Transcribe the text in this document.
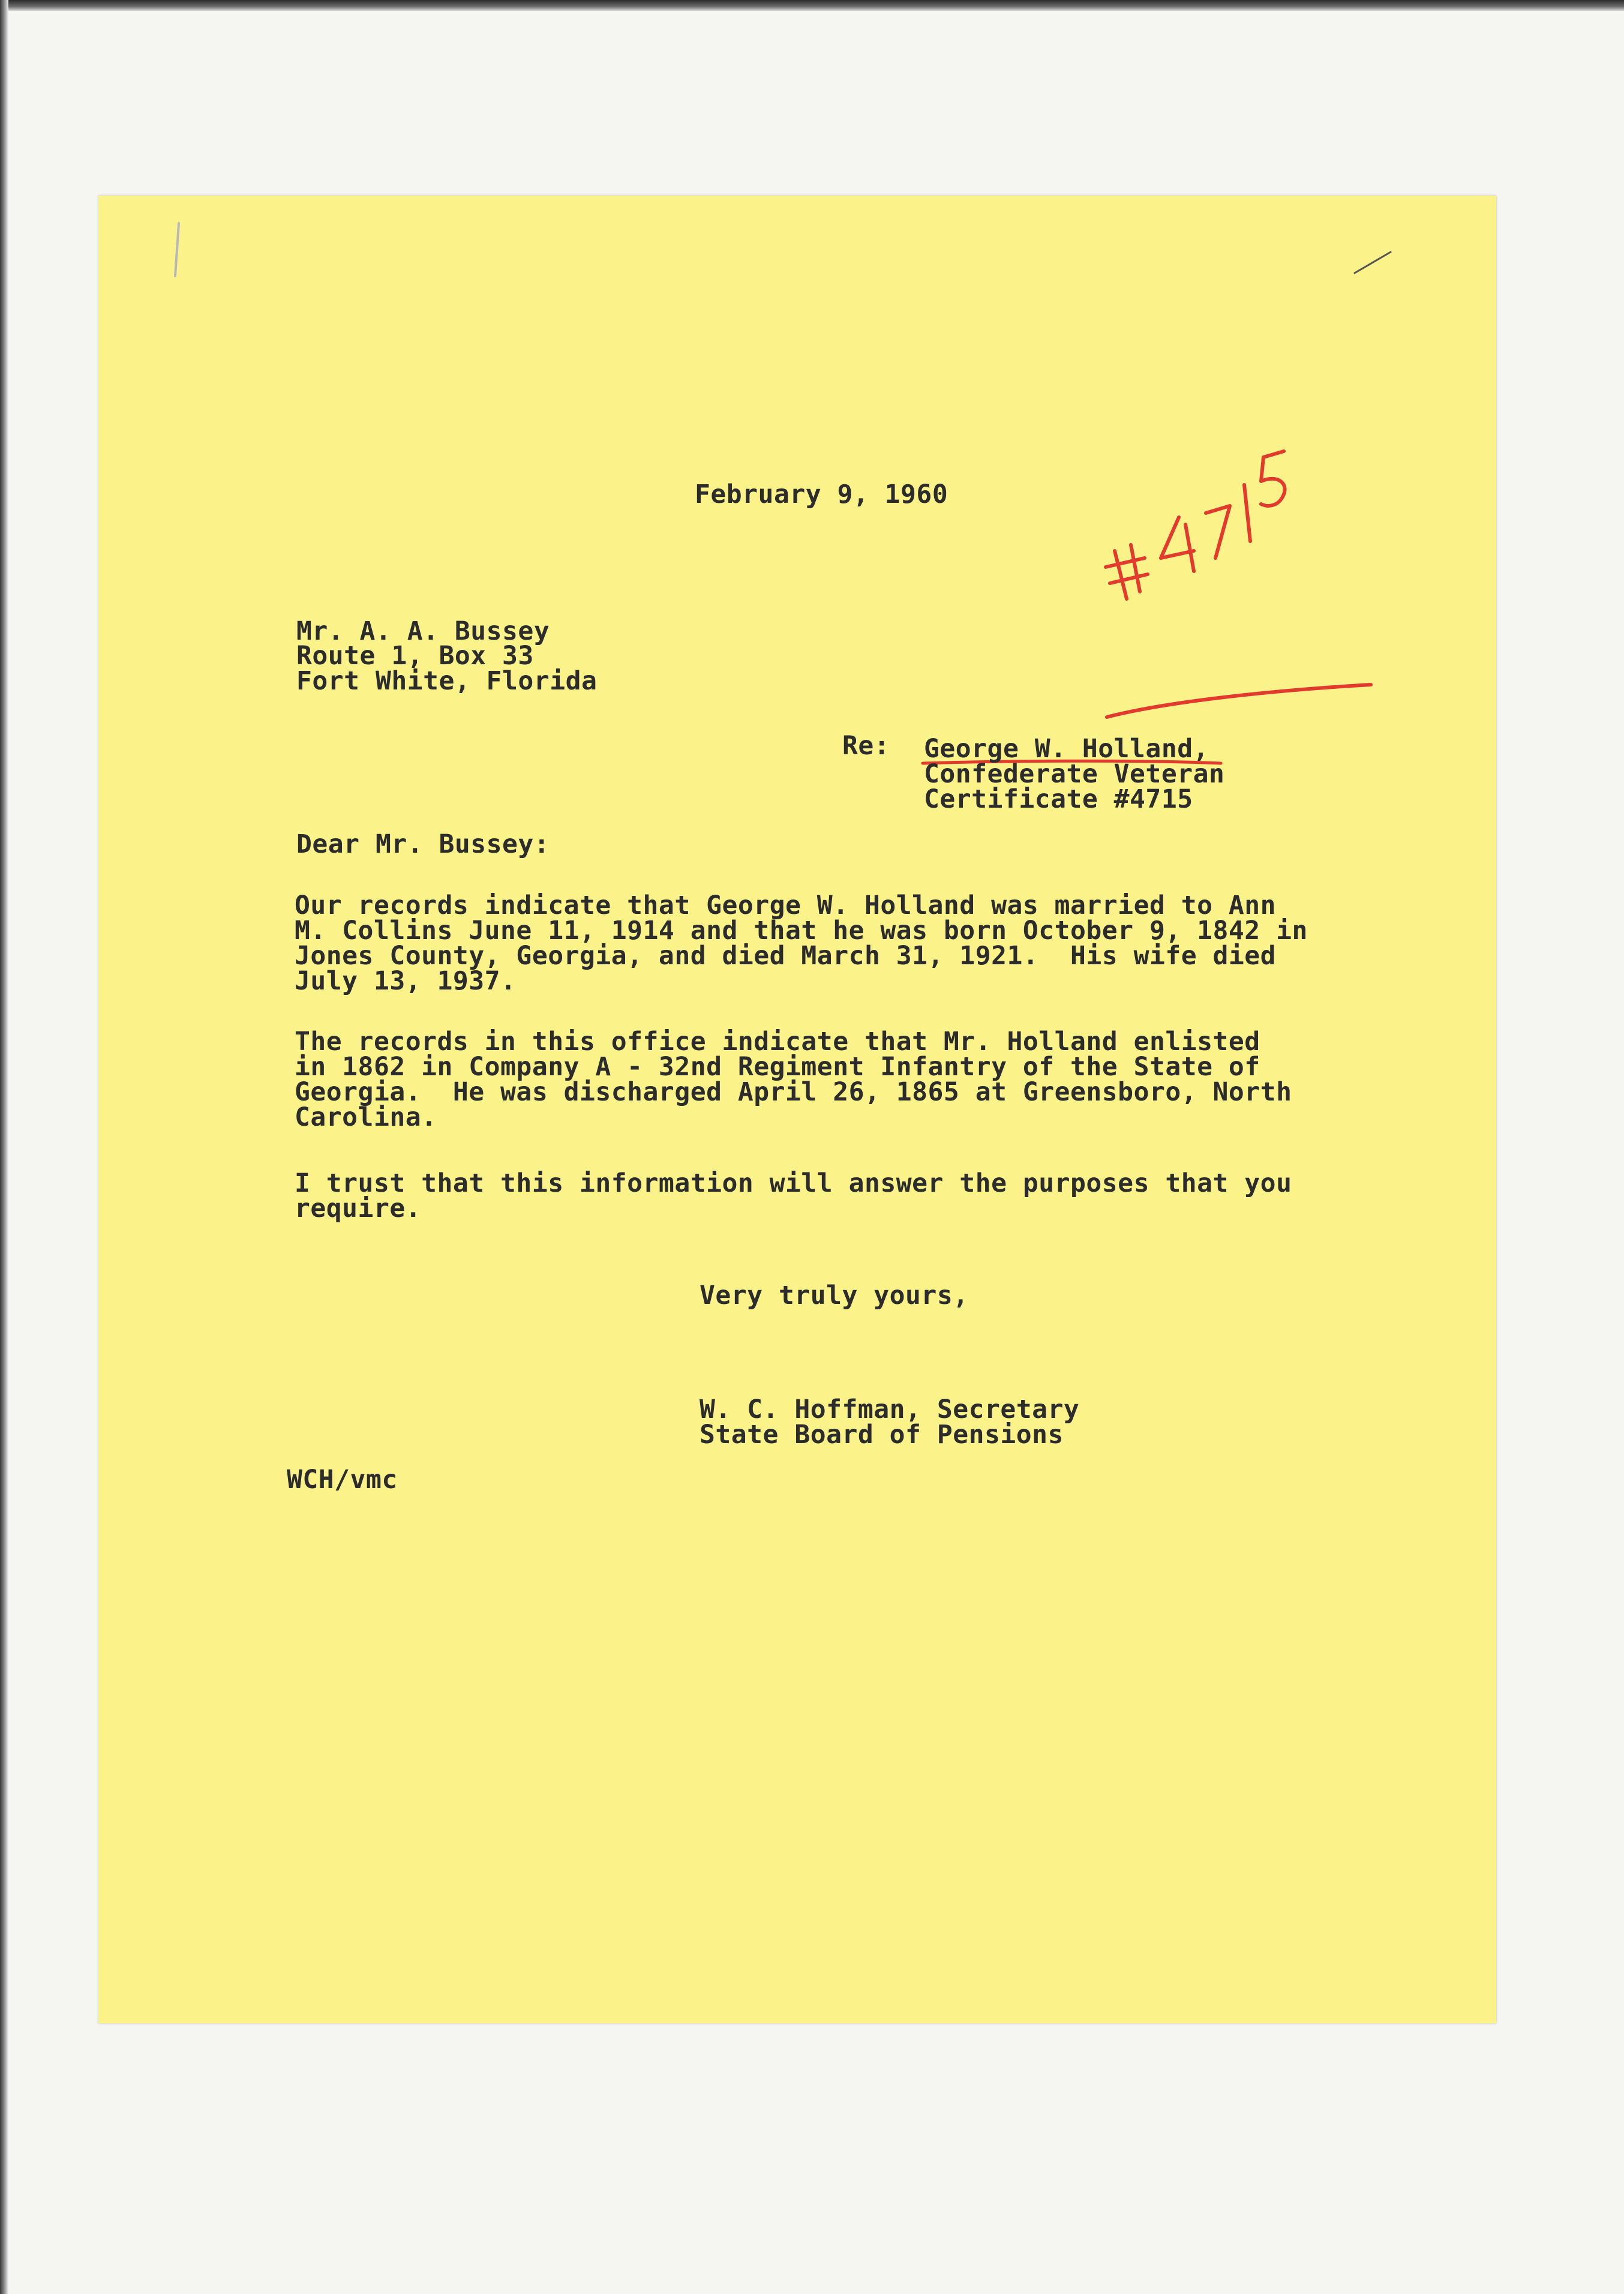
February 9, 1960
Mr. A. A. Bussey
Route 1, Box 33
Fort White, Florida
Re: George W. Holland,
Confederate Veteran
Certificate #4715
Dear Mr. Bussey:
Our records indicate that George W. Holland was married to Ann
M. Collins June 11, 1914 and that he was born October 9, 1842 in
Jones County, Georgia, and died March 31, 1921.  His wife died
July 13, 1937.
The records in this office indicate that Mr. Holland enlisted
in 1862 in Company A - 32nd Regiment Infantry of the State of
Georgia.  He was discharged April 26, 1865 at Greensboro, North
Carolina.
I trust that this information will answer the purposes that you
require.
Very truly yours,
W. C. Hoffman, Secretary
State Board of Pensions
WCH/vmc
